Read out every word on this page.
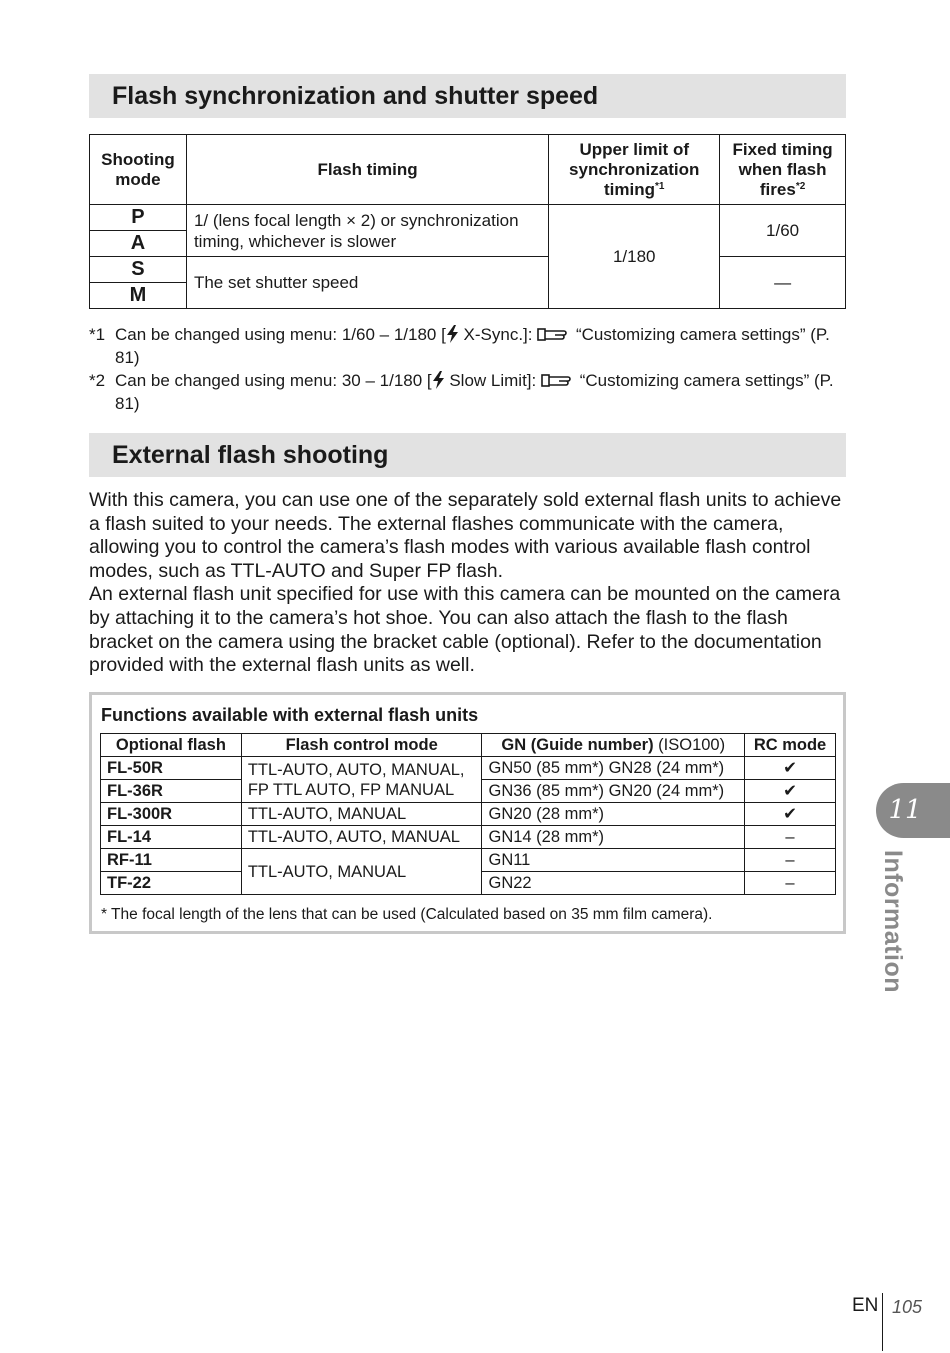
Flash synchronization and shutter speed
Shooting mode	Flash timing	Upper limit of synchronization timing$^{*1}$	Fixed timing when flash fires$^{*2}$
P	1/ (lens focal length × 2) or synchronization timing, whichever is slower	1/180	1/60
A			
S	The set shutter speed		—
M			

*1 Can be changed using menu: 1/60 – 1/180 [ X-Sync.]:  “Customizing camera settings” (P. 81)

*2 Can be changed using menu: 30 – 1/180 [ Slow Limit]:  “Customizing camera settings” (P. 81)

External flash shooting

With this camera, you can use one of the separately sold external flash units to achieve a flash suited to your needs. The external flashes communicate with the camera, allowing you to control the camera’s flash modes with various available flash control modes, such as TTL-AUTO and Super FP flash.

An external flash unit specified for use with this camera can be mounted on the camera by attaching it to the camera’s hot shoe. You can also attach the flash to the flash bracket on the camera using the bracket cable (optional). Refer to the documentation provided with the external flash units as well.

Functions available with external flash units
Optional flash	Flash control mode	GN (Guide number) (ISO100)	RC mode
FL-50R	TTL-AUTO, AUTO, MANUAL, FP TTL AUTO, FP MANUAL	GN50 (85 mm*) GN28 (24 mm*)	✔
FL-36R		GN36 (85 mm*) GN20 (24 mm*)	✔
FL-300R	TTL-AUTO, MANUAL	GN20 (28 mm*)	✔
FL-14	TTL-AUTO, AUTO, MANUAL	GN14 (28 mm*)	–
RF-11	TTL-AUTO, MANUAL	GN11	–
TF-22		GN22	–
* The focal length of the lens that can be used (Calculated based on 35 mm film camera).
11
Information
EN 105
